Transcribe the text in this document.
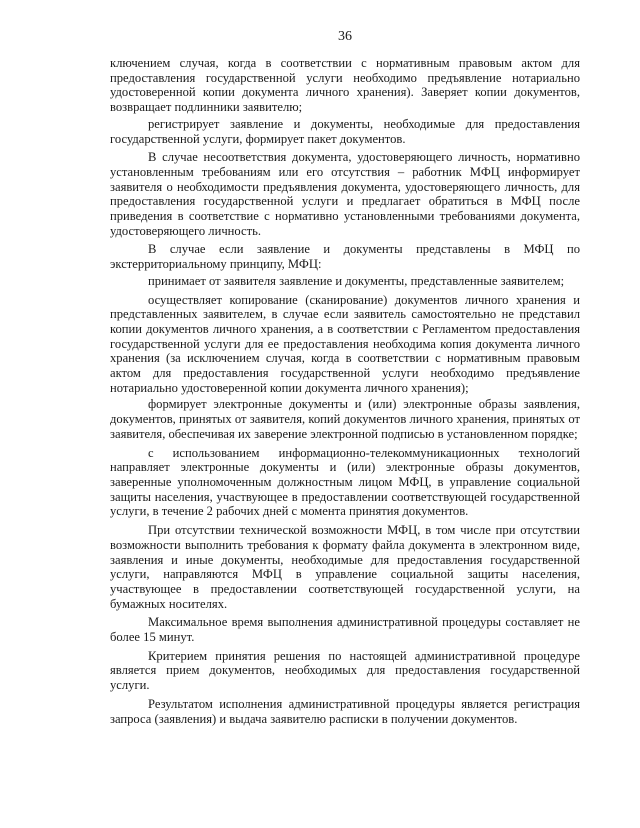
36

ключением случая, когда в соответствии с нормативным правовым актом для предоставления государственной услуги необходимо предъявление нотариально удостоверенной копии документа личного хранения). Заверяет копии документов, возвращает подлинники заявителю;

регистрирует заявление и документы, необходимые для предоставления государственной услуги, формирует пакет документов.

В случае несоответствия документа, удостоверяющего личность, нормативно установленным требованиям или его отсутствия – работник МФЦ информирует заявителя о необходимости предъявления документа, удостоверяющего личность, для предоставления государственной услуги и предлагает обратиться в МФЦ после приведения в соответствие с нормативно установленными требованиями документа, удостоверяющего личность.

В случае если заявление и документы представлены в МФЦ по экстерриториальному принципу, МФЦ:

принимает от заявителя заявление и документы, представленные заявителем;

осуществляет копирование (сканирование) документов личного хранения и представленных заявителем, в случае если заявитель самостоятельно не представил копии документов личного хранения, а в соответствии с Регламентом предоставления государственной услуги для ее предоставления необходима копия документа личного хранения (за исключением случая, когда в соответствии с нормативным правовым актом для предоставления государственной услуги необходимо предъявление нотариально удостоверенной копии документа личного хранения);

формирует электронные документы и (или) электронные образы заявления, документов, принятых от заявителя, копий документов личного хранения, принятых от заявителя, обеспечивая их заверение электронной подписью в установленном порядке;

с использованием информационно-телекоммуникационных технологий направляет электронные документы и (или) электронные образы документов, заверенные уполномоченным должностным лицом МФЦ, в управление социальной защиты населения, участвующее в предоставлении соответствующей государственной услуги, в течение 2 рабочих дней с момента принятия документов.

При отсутствии технической возможности МФЦ, в том числе при отсутствии возможности выполнить требования к формату файла документа в электронном виде, заявления и иные документы, необходимые для предоставления государственной услуги, направляются МФЦ в управление социальной защиты населения, участвующее в предоставлении соответствующей государственной услуги, на бумажных носителях.

Максимальное время выполнения административной процедуры составляет не более 15 минут.

Критерием принятия решения по настоящей административной процедуре является прием документов, необходимых для предоставления государственной услуги.

Результатом исполнения административной процедуры является регистрация запроса (заявления) и выдача заявителю расписки в получении документов.
